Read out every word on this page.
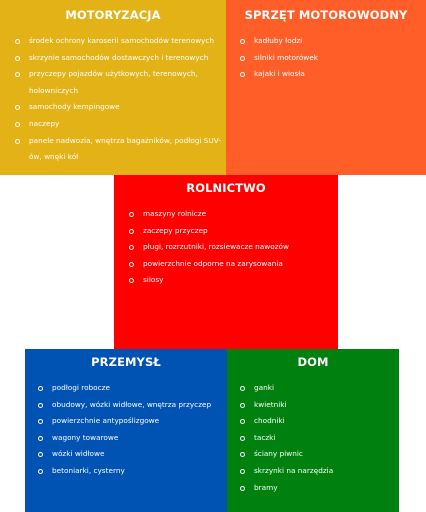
MOTORYZACJA
środek ochrony karoserii samochodów terenowych
skrzynie samochodów dostawczych i terenowych
przyczepy pojazdów użytkowych, terenowych, holowniczych
samochody kempingowe
naczepy
panele nadwozia, wnętrza bagażników, podłogi SUV-ów, wnęki kół
SPRZĘT MOTOROWODNY
kadłuby łodzi
silniki motorówek
kajaki i wiosła
ROLNICTWO
maszyny rolnicze
zaczepy przyczep
pługi, rozrzutniki, rozsiewacze nawozów
powierzchnie odporne na zarysowania
silosy
PRZEMYSŁ
podłogi robocze
obudowy, wózki widłowe, wnętrza przyczep
powierzchnie antypoślizgowe
wagony towarowe
wózki widłowe
betoniarki, cysterny
DOM
ganki
kwietniki
chodniki
taczki
ściany piwnic
skrzynki na narzędzia
bramy
